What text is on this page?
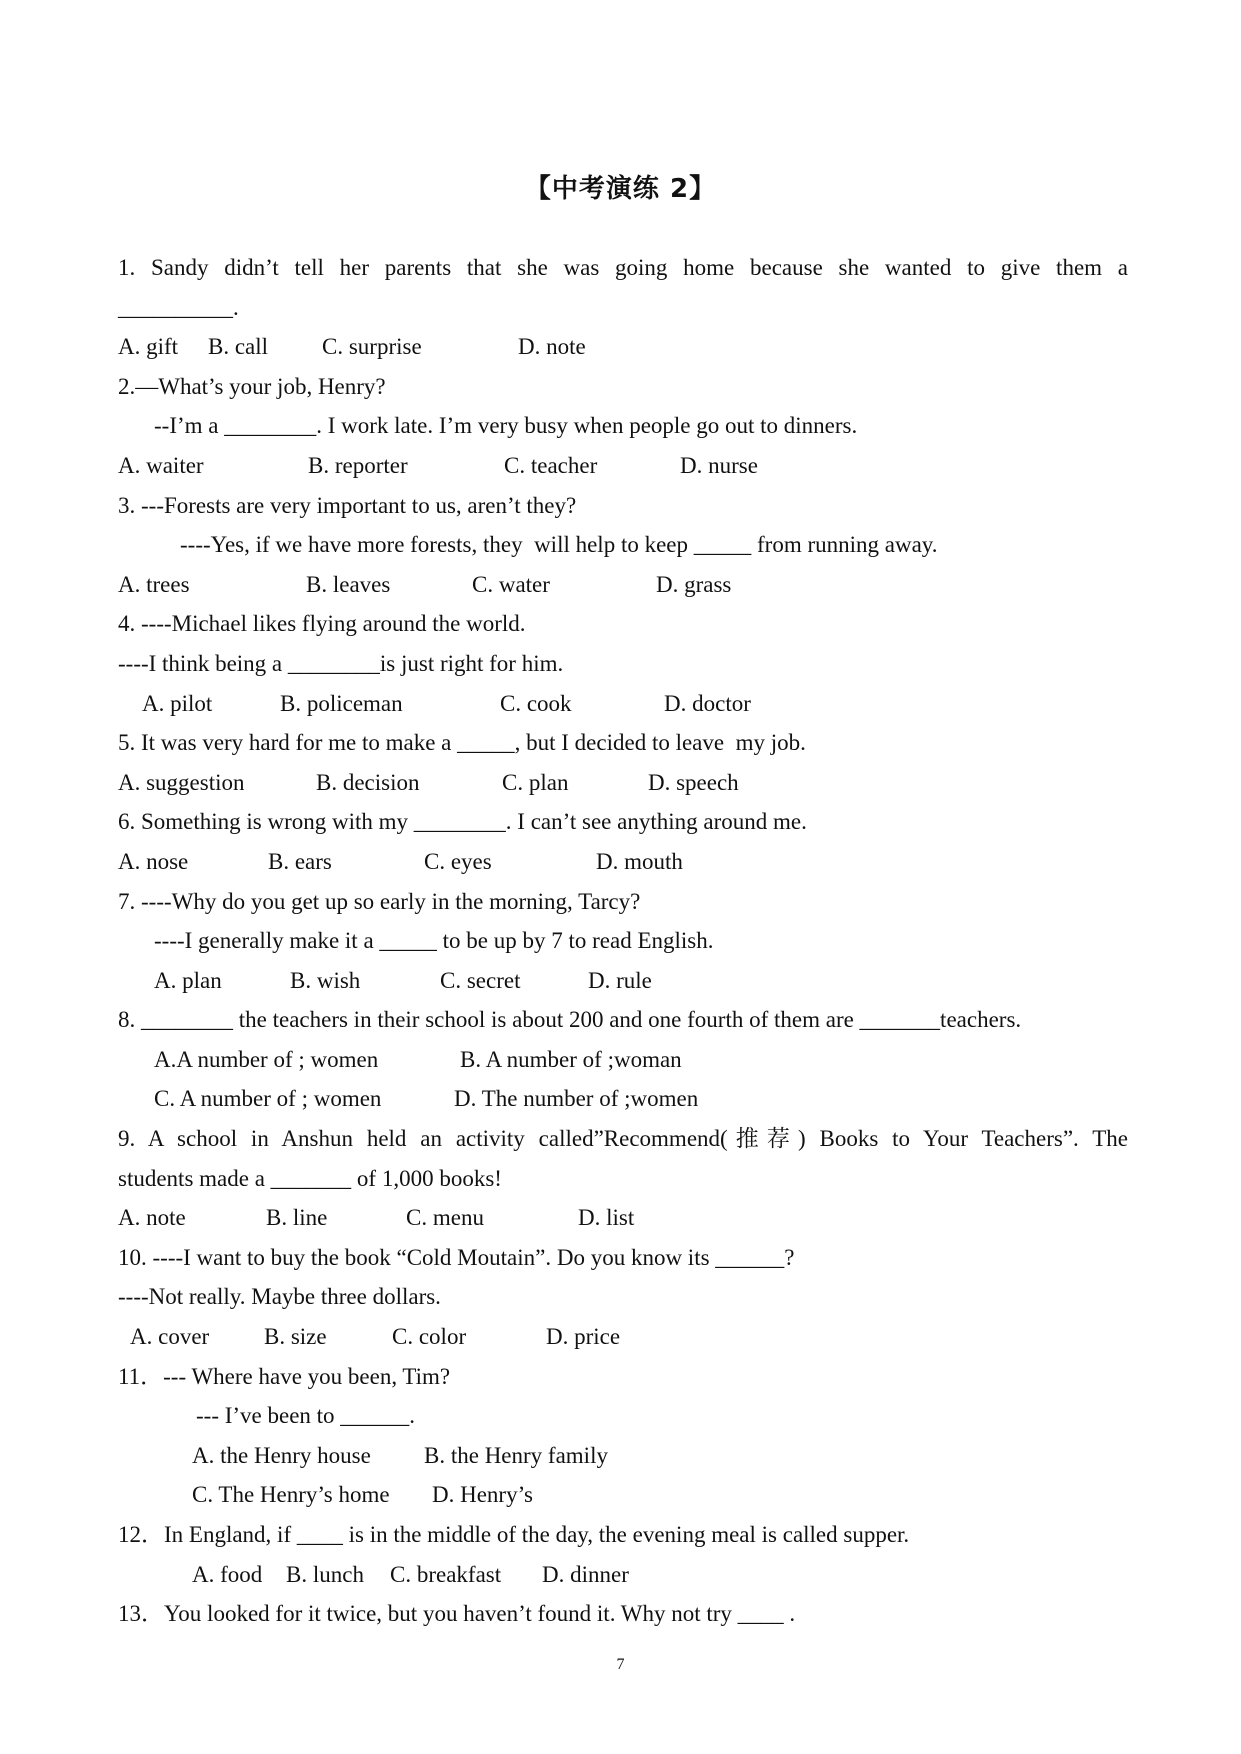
【中考演练 2】
1. Sandy didn’t tell her parents that she was going home because she wanted to give them a
__________.
A. gift	B. call	C. surprise	D. note
2.—What’s your job, Henry?
--I’m a ________. I work late. I’m very busy when people go out to dinners.
A. waiter	B. reporter	C. teacher	D. nurse
3. ---Forests are very important to us, aren’t they?
----Yes, if we have more forests, they  will help to keep _____ from running away.
A. trees	B. leaves	C. water	D. grass
4. ----Michael likes flying around the world.
----I think being a ________is just right for him.
A. pilot	B. policeman	C. cook	D. doctor
5. It was very hard for me to make a _____, but I decided to leave  my job.
A. suggestion	B. decision	C. plan	D. speech
6. Something is wrong with my ________. I can’t see anything around me.
A. nose	B. ears	C. eyes	D. mouth
7. ----Why do you get up so early in the morning, Tarcy?
----I generally make it a _____ to be up by 7 to read English.
A. plan	B. wish	C. secret	D. rule
8. ________ the teachers in their school is about 200 and one fourth of them are _______teachers.
A.A number of ; women	B. A number of ;woman
C. A number of ; women	D. The number of ;women
9. A school in Anshun held an activity called”Recommend(推荐) Books to Your Teachers”. The
students made a _______ of 1,000 books!
A. note	B. line	C. menu	D. list
10. ----I want to buy the book “Cold Moutain”. Do you know its ______?
----Not really. Maybe three dollars.
A. cover	B. size	C. color	D. price
11．--- Where have you been, Tim?
--- I’ve been to ______.
A. the Henry house	B. the Henry family
C. The Henry’s home	D. Henry’s
12．In England, if ____ is in the middle of the day, the evening meal is called supper.
A. food	B. lunch	C. breakfast	D. dinner
13．You looked for it twice, but you haven’t found it. Why not try ____ .
7
